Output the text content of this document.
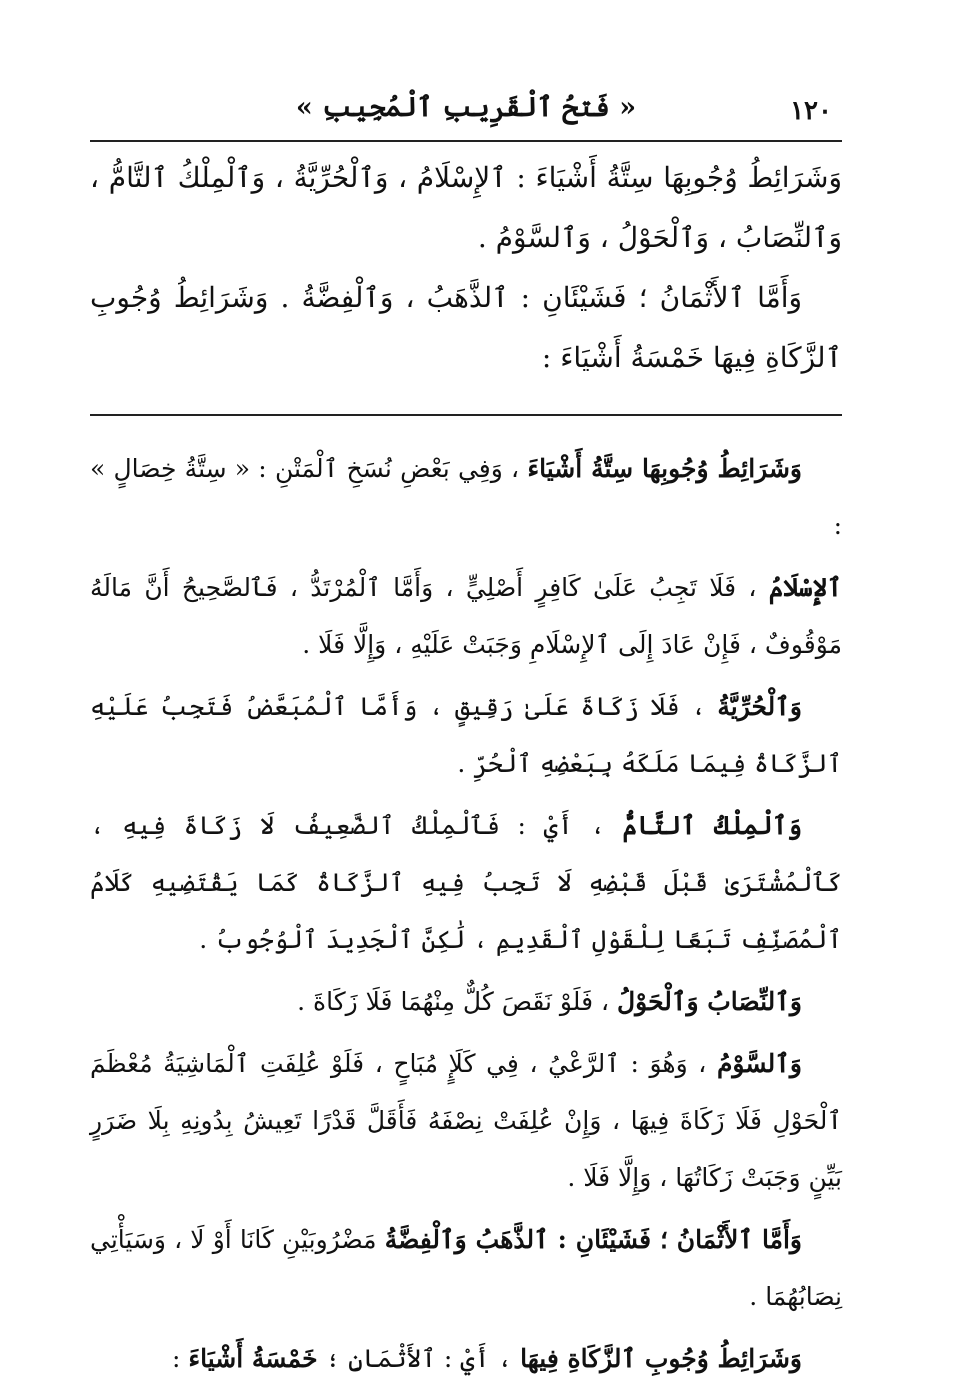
١٢٠
« فَتحُ ٱلْقَرِيبِ ٱلْمُجِيبِ »

وَشَرَائِطُ وُجُوبِهَا سِتَّةُ أَشْيَاءَ : ٱلإِسْلَامُ ، وَٱلْحُرِّيَّةُ ، وَٱلْمِلْكُ ٱلتَّامُّ ، وَٱلنِّصَابُ ، وَٱلْحَوْلُ ، وَٱلسَّوْمُ .

وَأَمَّا ٱلأَثْمَانُ ؛ فَشَيْئَانِ : ٱلذَّهَبُ ، وَٱلْفِضَّةُ . وَشَرَائِطُ وُجُوبِ ٱلزَّكَاةِ فِيهَا خَمْسَةُ أَشْيَاءَ :

وَشَرَائِطُ وُجُوبِهَا سِتَّةُ أَشْيَاءَ ، وَفِي بَعْضِ نُسَخِ ٱلْمَتْنِ : « سِتَّةُ خِصَالٍ » :

ٱلإِسْلَامُ ، فَلَا تَجِبُ عَلَىٰ كَافِرٍ أَصْلِيٍّ ، وَأَمَّا ٱلْمُرْتَدُّ ، فَٱلصَّحِيحُ أَنَّ مَالَهُ مَوْقُوفٌ ، فَإِنْ عَادَ إِلَى ٱلإِسْلَامِ وَجَبَتْ عَلَيْهِ ، وَإِلَّا فَلَا .

وَٱلْحُرِّيَّةُ ، فَلَا زَكَاةَ عَلَىٰ رَقِيقٍ ، وَأَمَّا ٱلْمُبَعَّضُ فَتَجِبُ عَلَيْهِ ٱلزَّكَاةُ فِيمَا مَلَكَهُ بِبَعْضِهِ ٱلْحُرِّ .

وَٱلْمِلْكُ ٱلتَّامُّ ، أَيْ : فَٱلْمِلْكُ ٱلضَّعِيفُ لَا زَكَاةَ فِيهِ ، كَٱلْمُشْتَرَىٰ قَبْلَ قَبْضِهِ لَا تَجِبُ فِيهِ ٱلزَّكَاةُ كَمَا يَقْتَضِيهِ كَلَامُ ٱلْمُصَنِّفِ تَبَعًا لِلْقَوْلِ ٱلْقَدِيمِ ، لَٰكِنَّ ٱلْجَدِيدَ ٱلْوُجُوبُ .

وَٱلنِّصَابُ وَٱلْحَوْلُ ، فَلَوْ نَقَصَ كُلٌّ مِنْهُمَا فَلَا زَكَاةَ .

وَٱلسَّوْمُ ، وَهُوَ : ٱلرَّعْيُ ، فِي كَلَإٍ مُبَاحٍ ، فَلَوْ عُلِفَتِ ٱلْمَاشِيَةُ مُعْظَمَ ٱلْحَوْلِ فَلَا زَكَاةَ فِيهَا ، وَإِنْ عُلِفَتْ نِصْفَهُ فَأَقَلَّ قَدْرًا تَعِيشُ بِدُونِهِ بِلَا ضَرَرٍ بَيِّنٍ وَجَبَتْ زَكَاتُهَا ، وَإِلَّا فَلَا .

وَأَمَّا ٱلأَثْمَانُ ؛ فَشَيْئَانِ : ٱلذَّهَبُ وَٱلْفِضَّةُ مَضْرُوبَيْنِ كَانَا أَوْ لَا ، وَسَيَأْتِي نِصَابُهُمَا .

وَشَرَائِطُ وُجُوبِ ٱلزَّكَاةِ فِيهَا ، أَيْ : ٱلأَثْمَانِ ؛ خَمْسَةُ أَشْيَاءَ :
